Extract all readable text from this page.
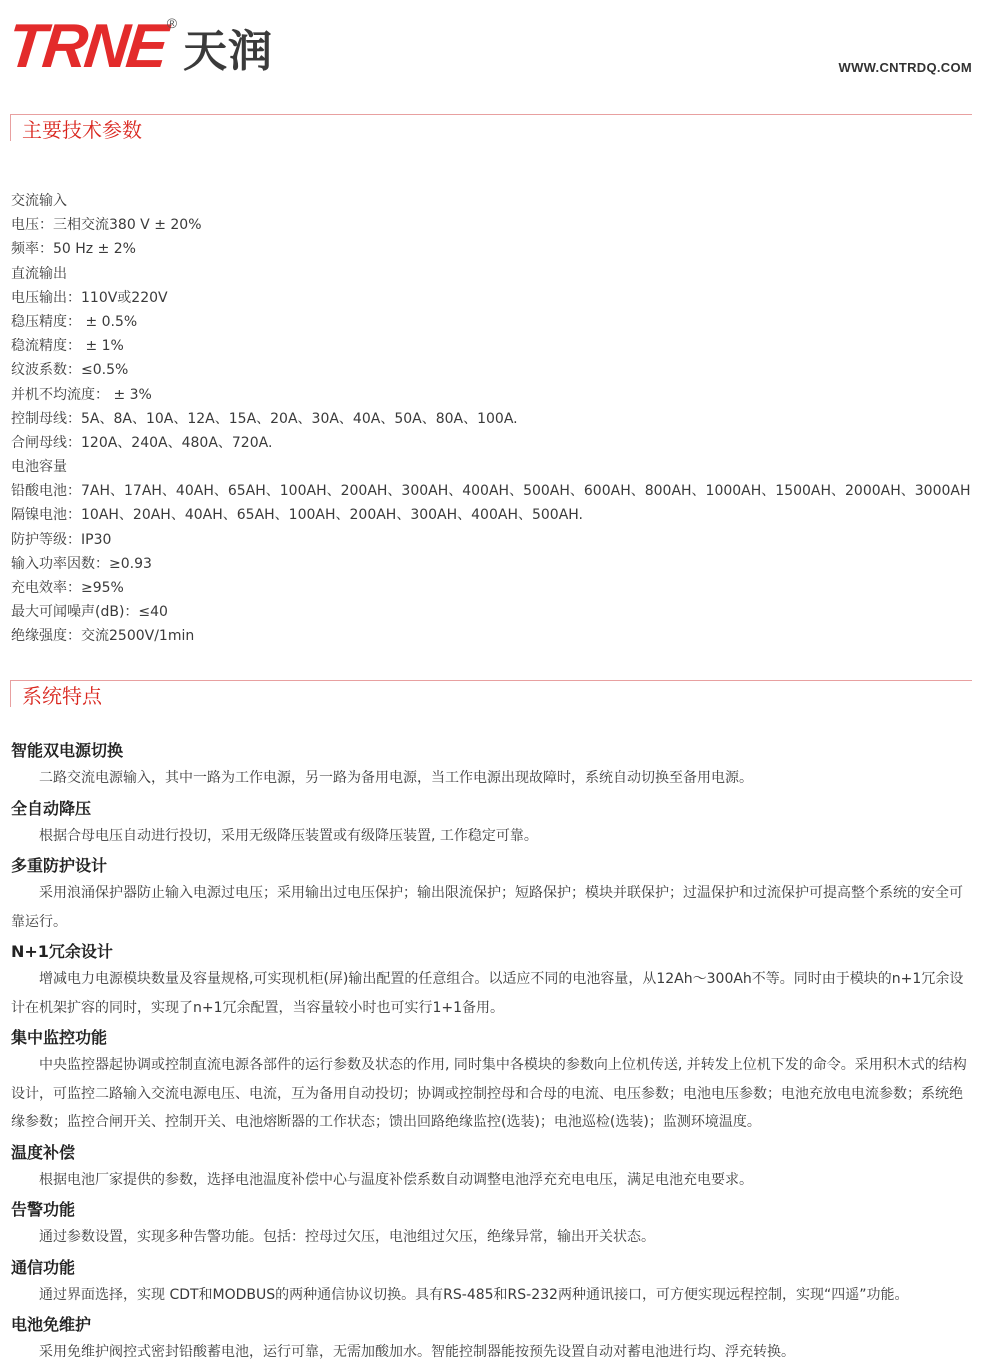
TRNE
®
天润	WWW.CNTRDQ.COM
主要技术参数
交流输入
电压：三相交流380 V ± 20%
频率：50 Hz ± 2%
直流输出
电压输出：110V或220V
稳压精度： ± 0.5%
稳流精度： ± 1%
纹波系数：≤0.5%
并机不均流度： ± 3%
控制母线：5A、8A、10A、12A、15A、20A、30A、40A、50A、80A、100A.
合闸母线：120A、240A、480A、720A.
电池容量
铅酸电池：7AH、17AH、40AH、65AH、100AH、200AH、300AH、400AH、500AH、600AH、800AH、1000AH、1500AH、2000AH、3000AH
隔镍电池：10AH、20AH、40AH、65AH、100AH、200AH、300AH、400AH、500AH.
防护等级：IP30
输入功率因数：≥0.93
充电效率：≥95%
最大可闻噪声(dB)：≤40
绝缘强度：交流2500V/1min
系统特点
智能双电源切换
二路交流电源输入，其中一路为工作电源，另一路为备用电源，当工作电源出现故障时，系统自动切换至备用电源。
全自动降压
根据合母电压自动进行投切，采用无级降压装置或有级降压装置, 工作稳定可靠。
多重防护设计
采用浪涌保护器防止输入电源过电压；采用输出过电压保护；输出限流保护；短路保护；模块并联保护；过温保护和过流保护可提高整个系统的安全可靠运行。
N+1冗余设计
增减电力电源模块数量及容量规格,可实现机柜(屏)输出配置的任意组合。以适应不同的电池容量，从12Ah～300Ah不等。同时由于模块的n+1冗余设计在机架扩容的同时，实现了n+1冗余配置，当容量较小时也可实行1+1备用。
集中监控功能
中央监控器起协调或控制直流电源各部件的运行参数及状态的作用, 同时集中各模块的参数向上位机传送, 并转发上位机下发的命令。采用积木式的结构设计，可监控二路输入交流电源电压、电流，互为备用自动投切；协调或控制控母和合母的电流、电压参数；电池电压参数；电池充放电电流参数；系统绝缘参数；监控合闸开关、控制开关、电池熔断器的工作状态；馈出回路绝缘监控(选装)；电池巡检(选装)；监测环境温度。
温度补偿
根据电池厂家提供的参数，选择电池温度补偿中心与温度补偿系数自动调整电池浮充充电电压，满足电池充电要求。
告警功能
通过参数设置，实现多种告警功能。包括：控母过欠压，电池组过欠压，绝缘异常，输出开关状态。
通信功能
通过界面选择，实现 CDT和MODBUS的两种通信协议切换。具有RS-485和RS-232两种通讯接口，可方便实现远程控制，实现“四遥”功能。
电池免维护
采用免维护阀控式密封铅酸蓄电池，运行可靠，无需加酸加水。智能控制器能按预先设置自动对蓄电池进行均、浮充转换。
